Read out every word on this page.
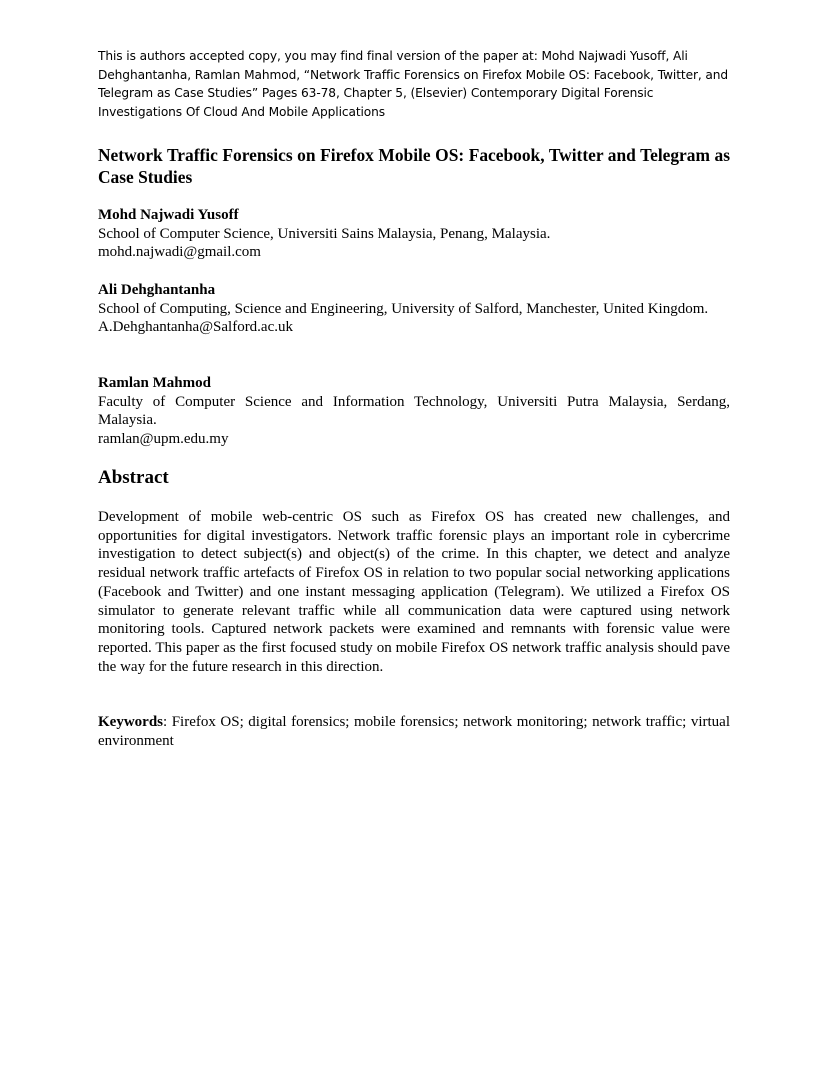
This is authors accepted copy, you may find final version of the paper at: Mohd Najwadi Yusoff, Ali Dehghantanha, Ramlan Mahmod, “Network Traffic Forensics on Firefox Mobile OS: Facebook, Twitter, and Telegram as Case Studies” Pages 63-78, Chapter 5, (Elsevier) Contemporary Digital Forensic Investigations Of Cloud And Mobile Applications
Network Traffic Forensics on Firefox Mobile OS: Facebook, Twitter and Telegram as Case Studies
Mohd Najwadi Yusoff
School of Computer Science, Universiti Sains Malaysia, Penang, Malaysia.
mohd.najwadi@gmail.com
Ali Dehghantanha
School of Computing, Science and Engineering, University of Salford, Manchester, United Kingdom.
A.Dehghantanha@Salford.ac.uk
Ramlan Mahmod
Faculty of Computer Science and Information Technology, Universiti Putra Malaysia, Serdang, Malaysia.
ramlan@upm.edu.my
Abstract

Development of mobile web-centric OS such as Firefox OS has created new challenges, and opportunities for digital investigators. Network traffic forensic plays an important role in cybercrime investigation to detect subject(s) and object(s) of the crime. In this chapter, we detect and analyze residual network traffic artefacts of Firefox OS in relation to two popular social networking applications (Facebook and Twitter) and one instant messaging application (Telegram). We utilized a Firefox OS simulator to generate relevant traffic while all communication data were captured using network monitoring tools. Captured network packets were examined and remnants with forensic value were reported. This paper as the first focused study on mobile Firefox OS network traffic analysis should pave the way for the future research in this direction.

Keywords: Firefox OS; digital forensics; mobile forensics; network monitoring; network traffic; virtual environment
